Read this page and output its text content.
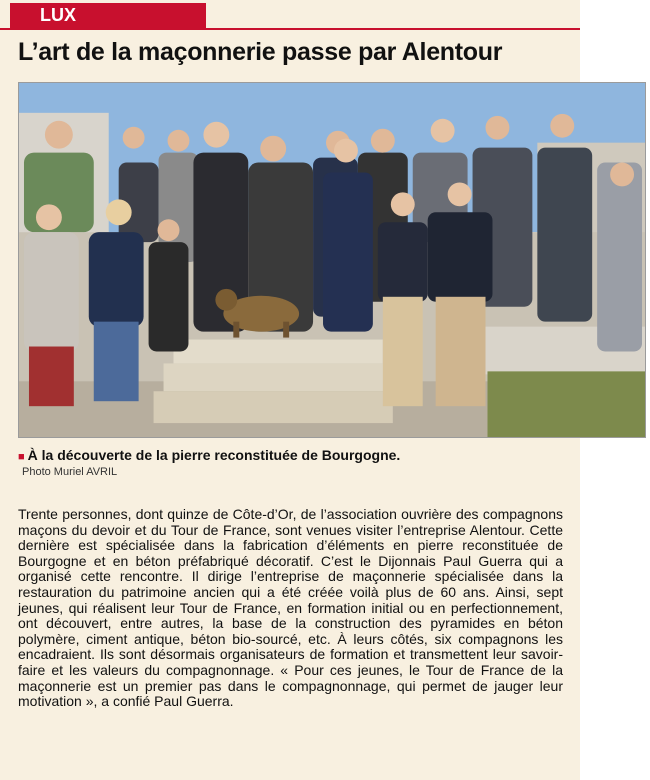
LUX
L’art de la maçonnerie passe par Alentour
■ À la découverte de la pierre reconstituée de Bourgogne.
Photo Muriel AVRIL

Trente personnes, dont quinze de Côte-d’Or, de l’association ouvrière des compagnons maçons du devoir et du Tour de France, sont venues visiter l’entreprise Alentour. Cette dernière est spécialisée dans la fabrication d’éléments en pierre reconstituée de Bourgogne et en béton préfabriqué décoratif. C’est le Dijonnais Paul Guerra qui a organisé cette rencontre. Il dirige l’entreprise de maçonnerie spécialisée dans la restauration du patrimoine ancien qui a été créée voilà plus de 60 ans. Ainsi, sept jeunes, qui réalisent leur Tour de France, en formation initial ou en perfectionnement, ont découvert, entre autres, la base de la construction des pyramides en béton polymère, ciment antique, béton bio-sourcé, etc. À leurs côtés, six compagnons les encadraient. Ils sont désormais organisateurs de formation et transmettent leur savoir-faire et les valeurs du compagnonnage. « Pour ces jeunes, le Tour de France de la maçonnerie est un premier pas dans le compagnonnage, qui permet de jauger leur motivation », a confié Paul Guerra.
